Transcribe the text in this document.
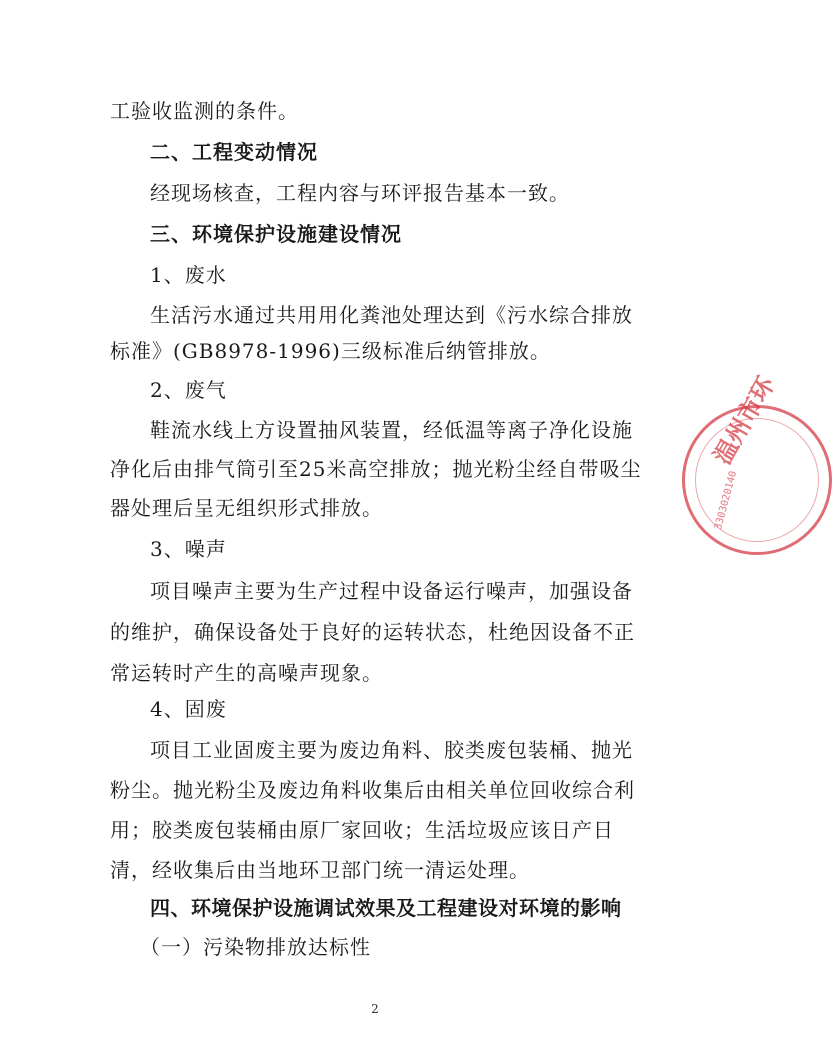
工验收监测的条件。
二、工程变动情况
经现场核查，工程内容与环评报告基本一致。
三、环境保护设施建设情况
1、废水
生活污水通过共用用化粪池处理达到《污水综合排放标准》(GB8978-1996)三级标准后纳管排放。
2、废气
鞋流水线上方设置抽风装置，经低温等离子净化设施净化后由排气筒引至25米高空排放；抛光粉尘经自带吸尘器处理后呈无组织形式排放。
3、噪声
项目噪声主要为生产过程中设备运行噪声，加强设备的维护，确保设备处于良好的运转状态，杜绝因设备不正常运转时产生的高噪声现象。
4、固废
项目工业固废主要为废边角料、胶类废包装桶、抛光粉尘。抛光粉尘及废边角料收集后由相关单位回收综合利用；胶类废包装桶由原厂家回收；生活垃圾应该日产日清，经收集后由当地环卫部门统一清运处理。
四、环境保护设施调试效果及工程建设对环境的影响
（一）污染物排放达标性
2
温州市环
3303020140
